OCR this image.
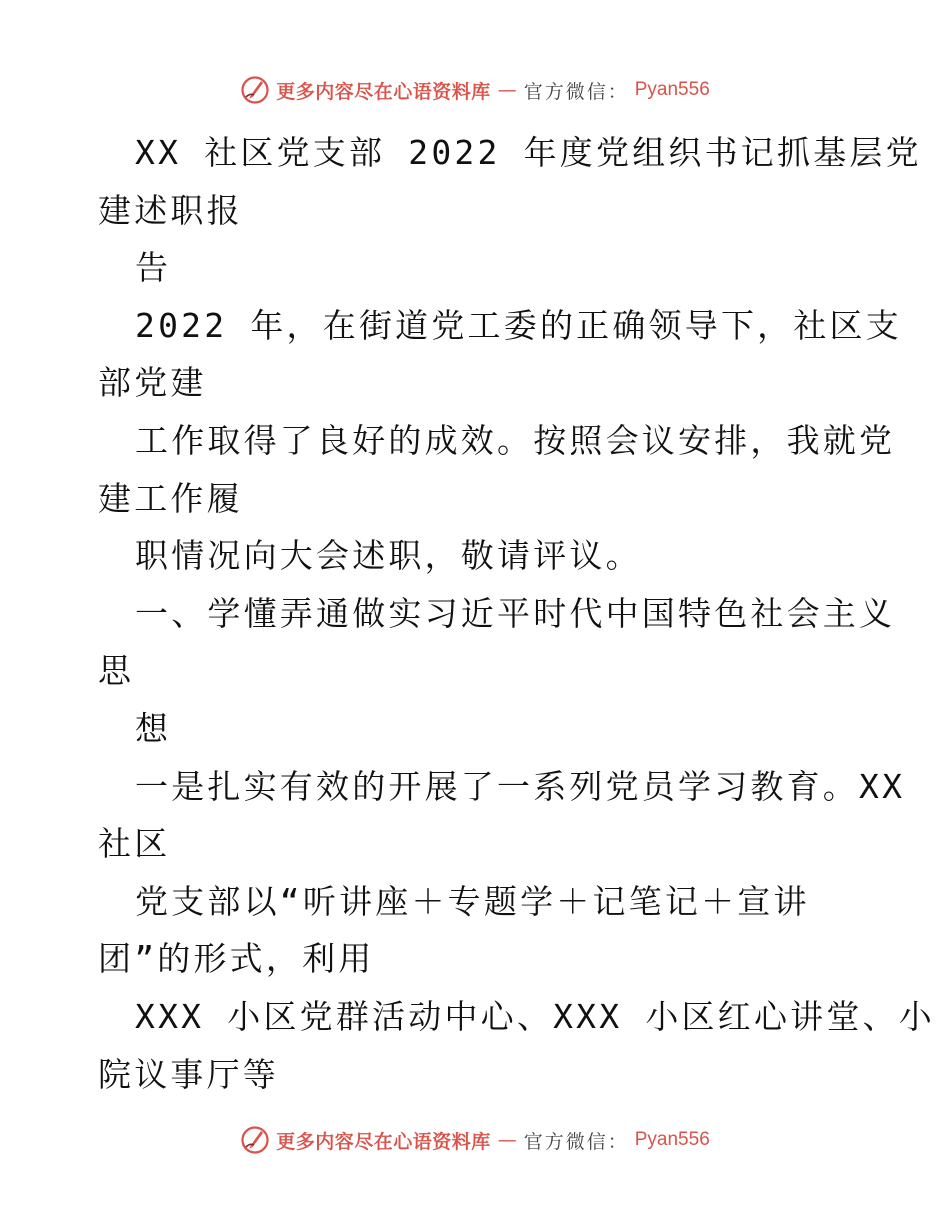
更多内容尽在心语资料库 — 官方微信： Pyan556
XX 社区党支部 2022 年度党组织书记抓基层党
建述职报
告
2022 年，在街道党工委的正确领导下，社区支
部党建
工作取得了良好的成效。按照会议安排，我就党
建工作履
职情况向大会述职，敬请评议。
一、学懂弄通做实习近平时代中国特色社会主义
思
想
一是扎实有效的开展了一系列党员学习教育。XX
社区
党支部以“听讲座＋专题学＋记笔记＋宣讲
团”的形式，利用
XXX 小区党群活动中心、XXX 小区红心讲堂、小
院议事厅等
更多内容尽在心语资料库 — 官方微信： Pyan556
